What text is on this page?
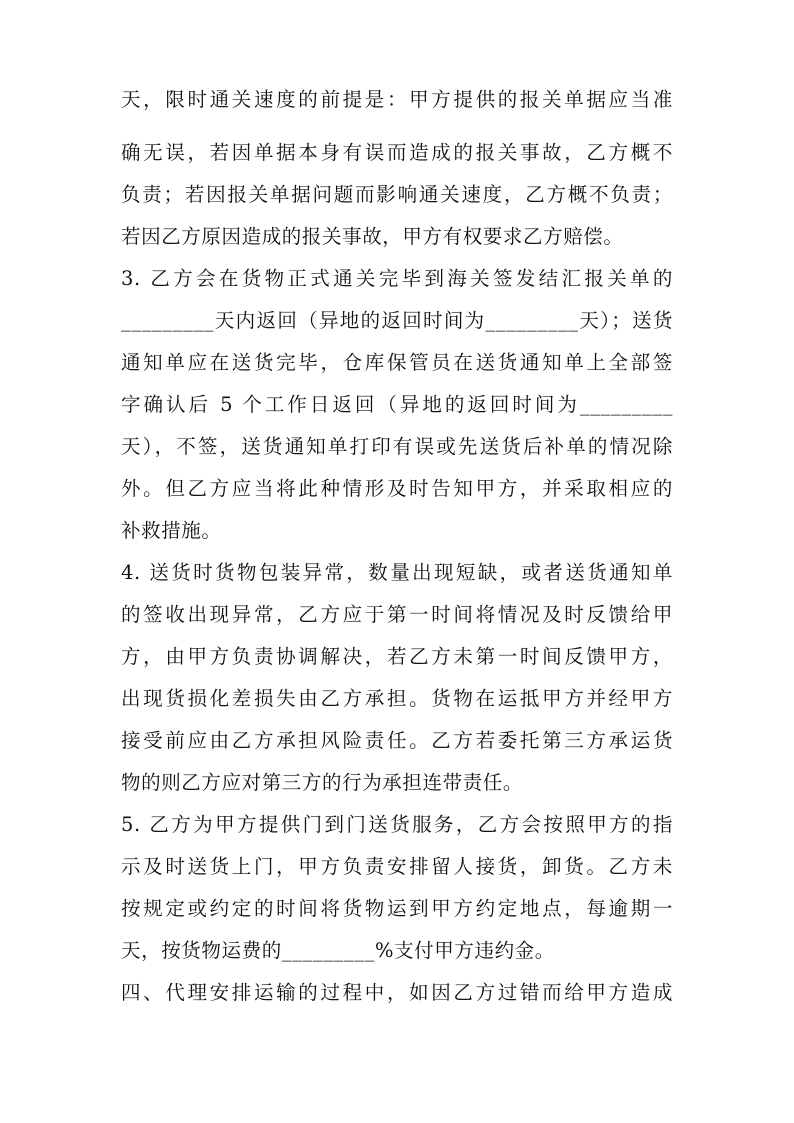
天，限时通关速度的前提是：甲方提供的报关单据应当准
确无误，若因单据本身有误而造成的报关事故，乙方概不
负责；若因报关单据问题而影响通关速度，乙方概不负责；
若因乙方原因造成的报关事故，甲方有权要求乙方赔偿。
3. 乙方会在货物正式通关完毕到海关签发结汇报关单的
_________天内返回（异地的返回时间为_________天）；送货
通知单应在送货完毕，仓库保管员在送货通知单上全部签
字确认后 5 个工作日返回（异地的返回时间为_________
天），不签，送货通知单打印有误或先送货后补单的情况除
外。但乙方应当将此种情形及时告知甲方，并采取相应的
补救措施。
4. 送货时货物包装异常，数量出现短缺，或者送货通知单
的签收出现异常，乙方应于第一时间将情况及时反馈给甲
方，由甲方负责协调解决，若乙方未第一时间反馈甲方，
出现货损化差损失由乙方承担。货物在运抵甲方并经甲方
接受前应由乙方承担风险责任。乙方若委托第三方承运货
物的则乙方应对第三方的行为承担连带责任。
5. 乙方为甲方提供门到门送货服务，乙方会按照甲方的指
示及时送货上门，甲方负责安排留人接货，卸货。乙方未
按规定或约定的时间将货物运到甲方约定地点，每逾期一
天，按货物运费的_________%支付甲方违约金。
四、代理安排运输的过程中，如因乙方过错而给甲方造成
